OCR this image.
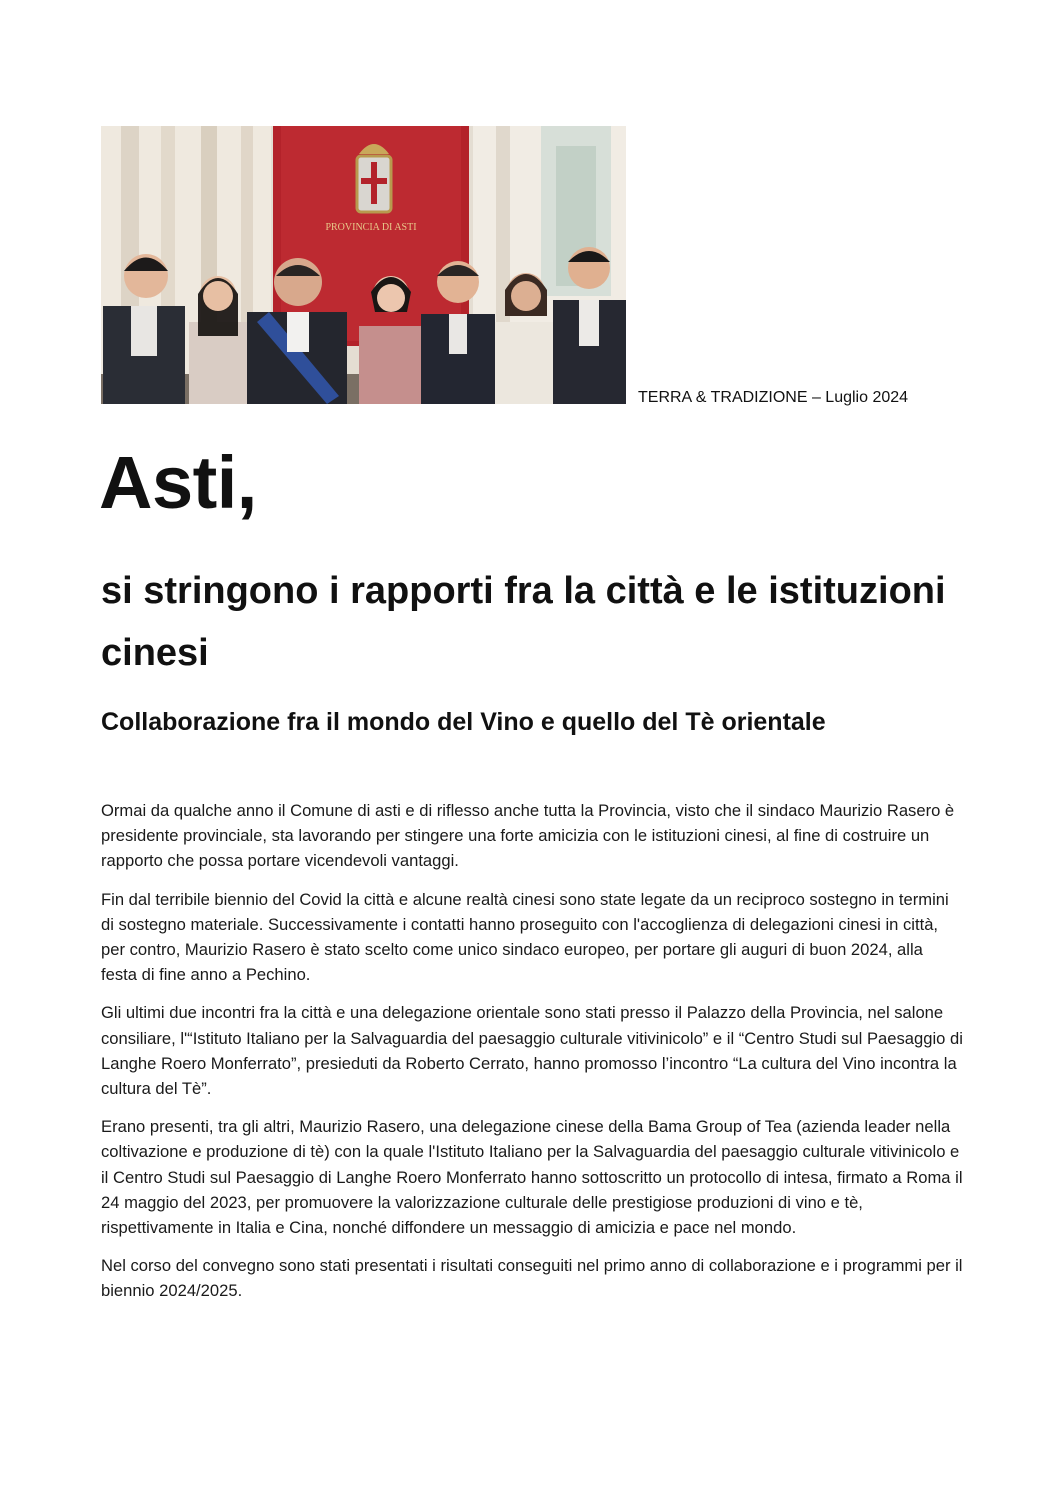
PROVINCIA DI ASTI
TERRA & TRADIZIONE – Luglio 2024
Asti,
si stringono i rapporti fra la città e le istituzioni cinesi
Collaborazione fra il mondo del Vino e quello del Tè orientale

Ormai da qualche anno il Comune di asti e di riflesso anche tutta la Provincia, visto che il sindaco Maurizio Rasero è presidente provinciale, sta lavorando per stingere una forte amicizia con le istituzioni cinesi, al fine di costruire un rapporto che possa portare vicendevoli vantaggi.

Fin dal terribile biennio del Covid la città e alcune realtà cinesi sono state legate da un reciproco sostegno in termini di sostegno materiale. Successivamente i contatti hanno proseguito con l'accoglienza di delegazioni cinesi in città, per contro, Maurizio Rasero è stato scelto come unico sindaco europeo, per portare gli auguri di buon 2024, alla festa di fine anno a Pechino.

Gli ultimi due incontri fra la città e una delegazione orientale sono stati presso il Palazzo della Provincia, nel salone consiliare, l'“Istituto Italiano per la Salvaguardia del paesaggio culturale vitivinicolo” e il “Centro Studi sul Paesaggio di Langhe Roero Monferrato”, presieduti da Roberto Cerrato, hanno promosso l’incontro “La cultura del Vino incontra la cultura del Tè”.

Erano presenti, tra gli altri, Maurizio Rasero, una delegazione cinese della Bama Group of Tea (azienda leader nella coltivazione e produzione di tè) con la quale l'Istituto Italiano per la Salvaguardia del paesaggio culturale vitivinicolo e il Centro Studi sul Paesaggio di Langhe Roero Monferrato hanno sottoscritto un protocollo di intesa, firmato a Roma il 24 maggio del 2023, per promuovere la valorizzazione culturale delle prestigiose produzioni di vino e tè, rispettivamente in Italia e Cina, nonché diffondere un messaggio di amicizia e pace nel mondo.

Nel corso del convegno sono stati presentati i risultati conseguiti nel primo anno di collaborazione e i programmi per il biennio 2024/2025.
